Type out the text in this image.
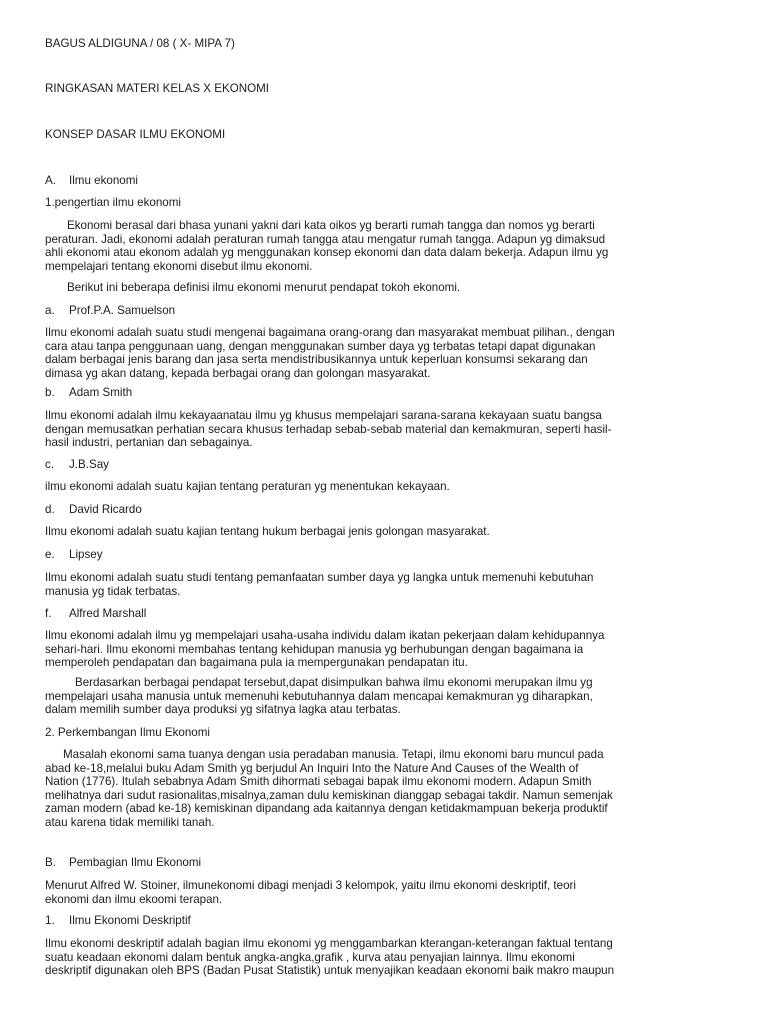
BAGUS ALDIGUNA / 08 ( X- MIPA 7)

RINGKASAN MATERI KELAS X EKONOMI

KONSEP DASAR ILMU EKONOMI

A. Ilmu ekonomi

1.pengertian ilmu ekonomi

Ekonomi berasal dari bhasa yunani yakni dari kata oikos yg berarti rumah tangga dan nomos yg berarti
peraturan. Jadi, ekonomi adalah peraturan rumah tangga atau mengatur rumah tangga. Adapun yg dimaksud
ahli ekonomi atau ekonom adalah yg menggunakan konsep ekonomi dan data dalam bekerja. Adapun ilmu yg
mempelajari tentang ekonomi disebut ilmu ekonomi.

Berikut ini beberapa definisi ilmu ekonomi menurut pendapat tokoh ekonomi.

a. Prof.P.A. Samuelson

Ilmu ekonomi adalah suatu studi mengenai bagaimana orang-orang dan masyarakat membuat pilihan., dengan
cara atau tanpa penggunaan uang, dengan menggunakan sumber daya yg terbatas tetapi dapat digunakan
dalam berbagai jenis barang dan jasa serta mendistribusikannya untuk keperluan konsumsi sekarang dan
dimasa yg akan datang, kepada berbagai orang dan golongan masyarakat.

b. Adam Smith

Ilmu ekonomi adalah ilmu kekayaanatau ilmu yg khusus mempelajari sarana-sarana kekayaan suatu bangsa
dengan memusatkan perhatian secara khusus terhadap sebab-sebab material dan kemakmuran, seperti hasil-
hasil industri, pertanian dan sebagainya.

c. J.B.Say

ilmu ekonomi adalah suatu kajian tentang peraturan yg menentukan kekayaan.

d. David Ricardo

Ilmu ekonomi adalah suatu kajian tentang hukum berbagai jenis golongan masyarakat.

e. Lipsey

Ilmu ekonomi adalah suatu studi tentang pemanfaatan sumber daya yg langka untuk memenuhi kebutuhan
manusia yg tidak terbatas.

f. Alfred Marshall

Ilmu ekonomi adalah ilmu yg mempelajari usaha-usaha individu dalam ikatan pekerjaan dalam kehidupannya
sehari-hari. Ilmu ekonomi membahas tentang kehidupan manusia yg berhubungan dengan bagaimana ia
memperoleh pendapatan dan bagaimana pula ia mempergunakan pendapatan itu.
Berdasarkan berbagai pendapat tersebut,dapat disimpulkan bahwa ilmu ekonomi merupakan ilmu yg
mempelajari usaha manusia untuk memenuhi kebutuhannya dalam mencapai kemakmuran yg diharapkan,
dalam memilih sumber daya produksi yg sifatnya lagka atau terbatas.

2. Perkembangan Ilmu Ekonomi

Masalah ekonomi sama tuanya dengan usia peradaban manusia. Tetapi, ilmu ekonomi baru muncul pada
abad ke-18,melalui buku Adam Smith yg berjudul An Inquiri Into the Nature And Causes of the Wealth of
Nation (1776). Itulah sebabnya Adam Smith dihormati sebagai bapak ilmu ekonomi modern. Adapun Smith
melihatnya dari sudut rasionalitas,misalnya,zaman dulu kemiskinan dianggap sebagai takdir. Namun semenjak
zaman modern (abad ke-18) kemiskinan dipandang ada kaitannya dengan ketidakmampuan bekerja produktif
atau karena tidak memiliki tanah.

B. Pembagian Ilmu Ekonomi

Menurut Alfred W. Stoiner, ilmunekonomi dibagi menjadi 3 kelompok, yaitu ilmu ekonomi deskriptif, teori
ekonomi dan ilmu ekoomi terapan.

1. Ilmu Ekonomi Deskriptif

Ilmu ekonomi deskriptif adalah bagian ilmu ekonomi yg menggambarkan kterangan-keterangan faktual tentang
suatu keadaan ekonomi dalam bentuk angka-angka,grafik , kurva atau penyajian lainnya. Ilmu ekonomi
deskriptif digunakan oleh BPS (Badan Pusat Statistik) untuk menyajikan keadaan ekonomi baik makro maupun
